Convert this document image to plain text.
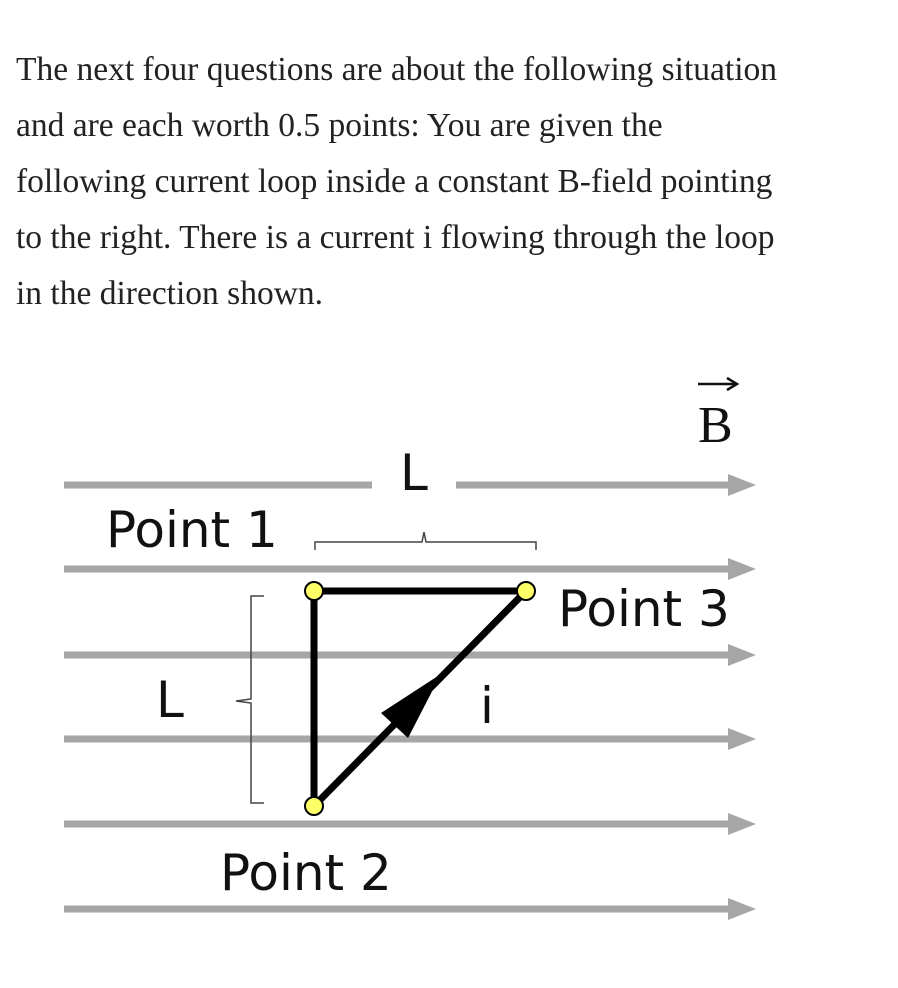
The next four questions are about the following situation
and are each worth 0.5 points: You are given the
following current loop inside a constant B-field pointing
to the right. There is a current i flowing through the loop
in the direction shown.
B
L
L
Point 1
Point 3
Point 2
i
